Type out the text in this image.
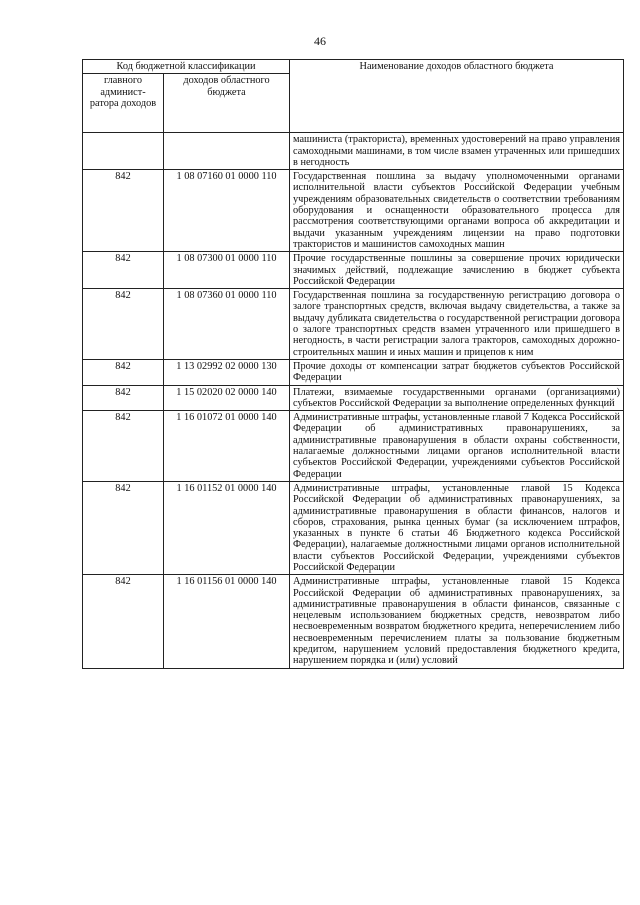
46
Код бюджетной классификации		Наименование доходов областного бюджета
главного админист-ратора доходов	доходов областного бюджета	
		машиниста (тракториста), временных удостоверений на право управления самоходными машинами, в том числе взамен утраченных или пришедших в негодность
842	1 08 07160 01 0000 110	Государственная пошлина за выдачу уполномоченными органами исполнительной власти субъектов Российской Федерации учебным учреждениям образовательных свидетельств о соответствии требованиям оборудования и оснащенности образовательного процесса для рассмотрения соответствующими органами вопроса об аккредитации и выдачи указанным учреждениям лицензии на право подготовки трактористов и машинистов самоходных машин
842	1 08 07300 01 0000 110	Прочие государственные пошлины за совершение прочих юридически значимых действий, подлежащие зачислению в бюджет субъекта Российской Федерации
842	1 08 07360 01 0000 110	Государственная пошлина за государственную регистрацию договора о залоге транспортных средств, включая выдачу свидетельства, а также за выдачу дубликата свидетельства о государственной регистрации договора о залоге транспортных средств взамен утраченного или пришедшего в негодность, в части регистрации залога тракторов, самоходных дорожно-строительных машин и иных машин и прицепов к ним
842	1 13 02992 02 0000 130	Прочие доходы от компенсации затрат бюджетов субъектов Российской Федерации
842	1 15 02020 02 0000 140	Платежи, взимаемые государственными органами (организациями) субъектов Российской Федерации за выполнение определенных функций
842	1 16 01072 01 0000 140	Административные штрафы, установленные главой 7 Кодекса Российской Федерации об административных правонарушениях, за административные правонарушения в области охраны собственности, налагаемые должностными лицами органов исполнительной власти субъектов Российской Федерации, учреждениями субъектов Российской Федерации
842	1 16 01152 01 0000 140	Административные штрафы, установленные главой 15 Кодекса Российской Федерации об административных правонарушениях, за административные правонарушения в области финансов, налогов и сборов, страхования, рынка ценных бумаг (за исключением штрафов, указанных в пункте 6 статьи 46 Бюджетного кодекса Российской Федерации), налагаемые должностными лицами органов исполнительной власти субъектов Российской Федерации, учреждениями субъектов Российской Федерации
842	1 16 01156 01 0000 140	Административные штрафы, установленные главой 15 Кодекса Российской Федерации об административных правонарушениях, за административные правонарушения в области финансов, связанные с нецелевым использованием бюджетных средств, невозвратом либо несвоевременным возвратом бюджетного кредита, неперечислением либо несвоевременным перечислением платы за пользование бюджетным кредитом, нарушением условий предоставления бюджетного кредита, нарушением порядка и (или) условий
